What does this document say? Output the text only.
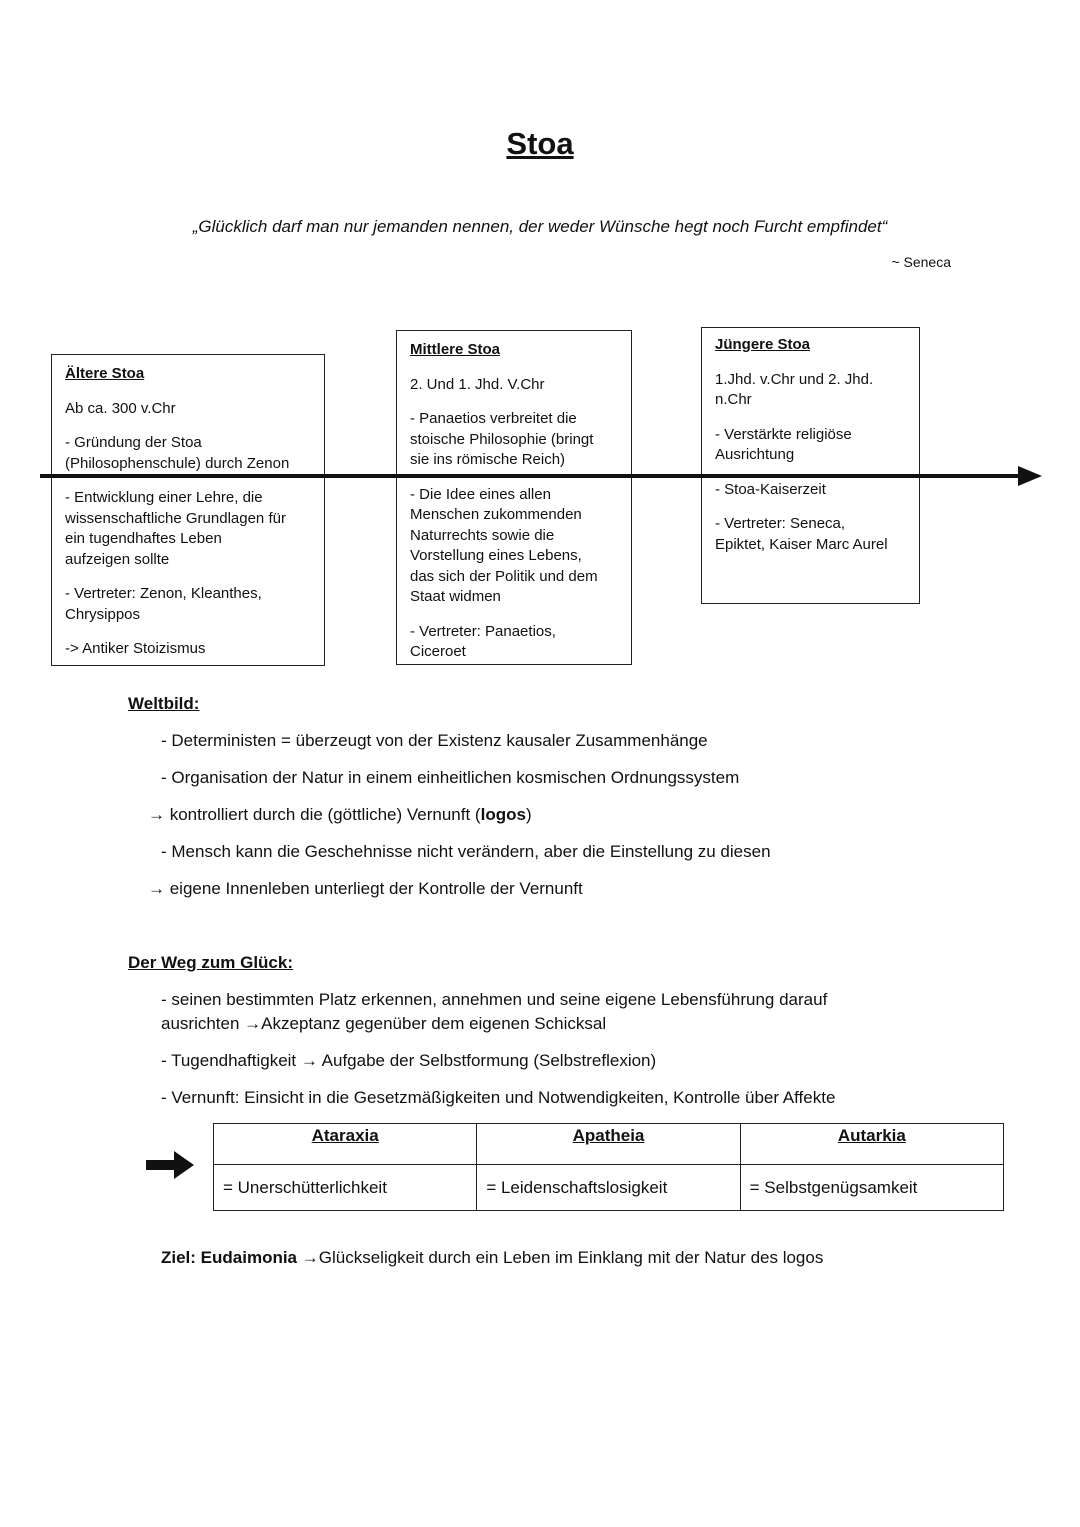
Stoa
„Glücklich darf man nur jemanden nennen, der weder Wünsche hegt noch Furcht empfindet“
~ Seneca

Ältere Stoa

Ab ca. 300 v.Chr

- Gründung der Stoa

(Philosophenschule) durch Zenon

- Entwicklung einer Lehre, die

wissenschaftliche Grundlagen für

ein tugendhaftes Leben

aufzeigen sollte

- Vertreter: Zenon, Kleanthes,

Chrysippos

-> Antiker Stoizismus

Mittlere Stoa

2. Und 1. Jhd. V.Chr

- Panaetios verbreitet die

stoische Philosophie (bringt

sie ins römische Reich)

- Die Idee eines allen

Menschen zukommenden

Naturrechts sowie die

Vorstellung eines Lebens,

das sich der Politik und dem

Staat widmen

- Vertreter: Panaetios,

Ciceroet

Jüngere Stoa

1.Jhd. v.Chr und 2. Jhd.

n.Chr

- Verstärkte religiöse

Ausrichtung

- Stoa-Kaiserzeit

- Vertreter: Seneca,

Epiktet, Kaiser Marc Aurel

Weltbild:
- Deterministen = überzeugt von der Existenz kausaler Zusammenhänge
- Organisation der Natur in einem einheitlichen kosmischen Ordnungssystem
→ kontrolliert durch die (göttliche) Vernunft (logos)
- Mensch kann die Geschehnisse nicht verändern, aber die Einstellung zu diesen
→ eigene Innenleben unterliegt der Kontrolle der Vernunft
Der Weg zum Glück:
- seinen bestimmten Platz erkennen, annehmen und seine eigene Lebensführung darauf
ausrichten →Akzeptanz gegenüber dem eigenen Schicksal
- Tugendhaftigkeit → Aufgabe der Selbstformung (Selbstreflexion)
- Vernunft: Einsicht in die Gesetzmäßigkeiten und Notwendigkeiten, Kontrolle über Affekte
Ataraxia	Apatheia	Autarkia
= Unerschütterlichkeit	= Leidenschaftslosigkeit	= Selbstgenügsamkeit
Ziel: Eudaimonia →Glückseligkeit durch ein Leben im Einklang mit der Natur des logos
